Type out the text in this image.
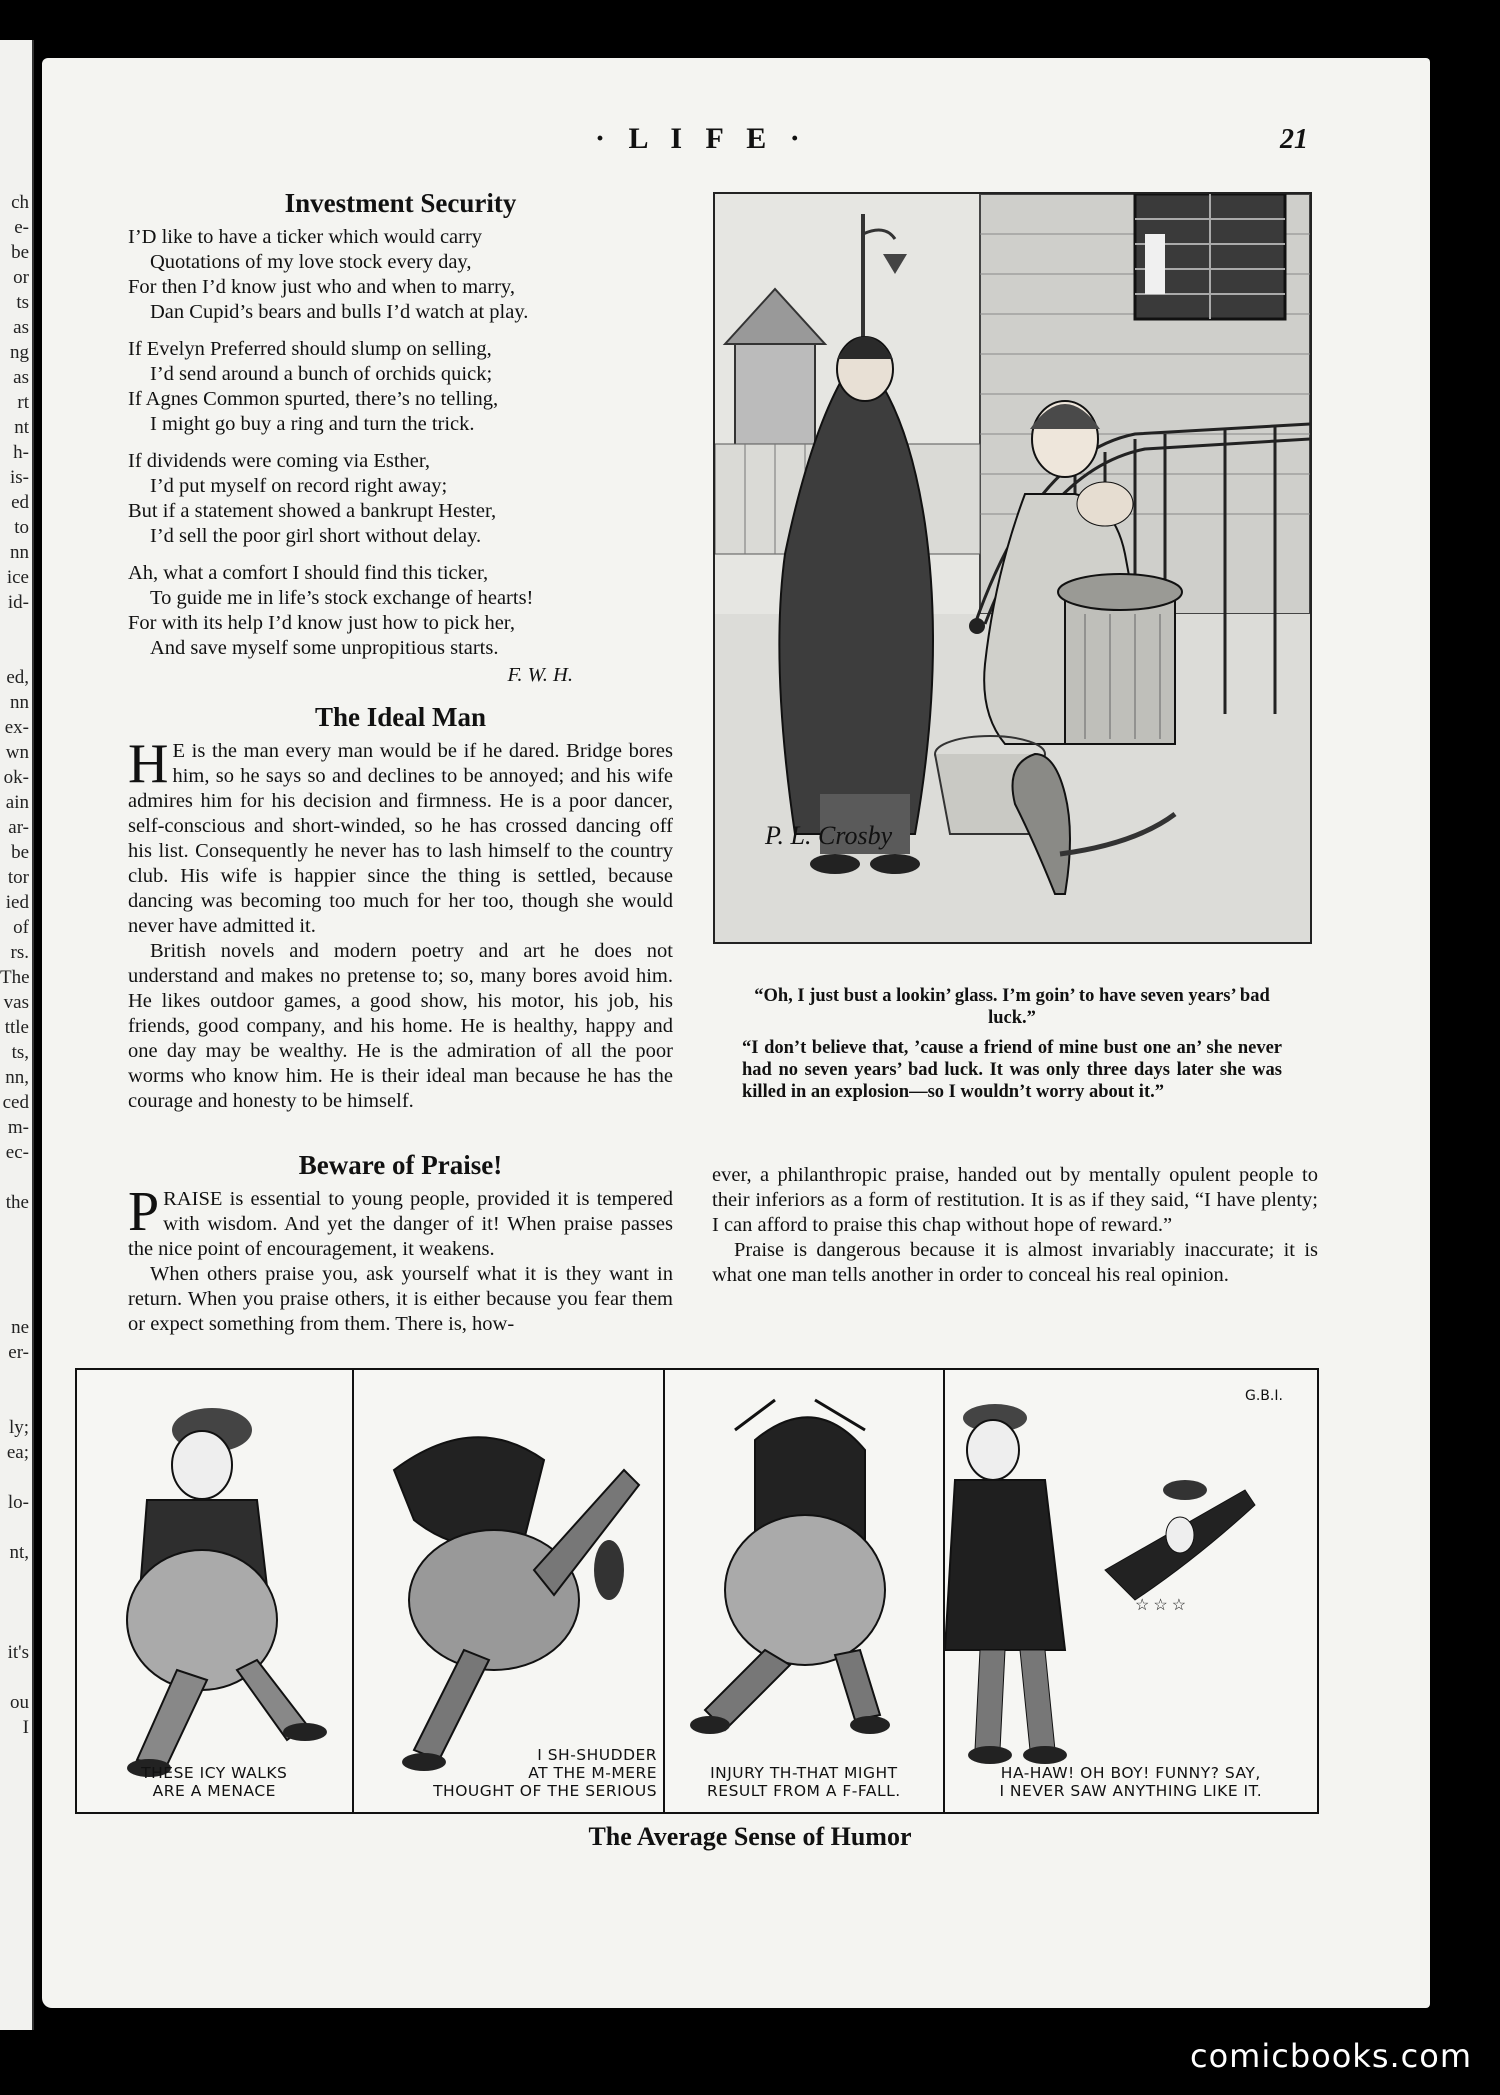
ch
e-
be
or
ts
as
ng
as
rt
nt
h-
is-
ed
to
nn
ice
id-

ed,
nn
ex-
wn
ok-
ain
ar-
be
tor
ied
of
rs.
The
vas
ttle
ts,
nn,
ced
m-
ec-

the

ne
er-

ly;
ea;

lo-

nt,

it's

ou
I
· L I F E ·	21
Investment Security
I’D like to have a ticker which would carry
Quotations of my love stock every day,
For then I’d know just who and when to marry,
Dan Cupid’s bears and bulls I’d watch at play.
If Evelyn Preferred should slump on selling,
I’d send around a bunch of orchids quick;
If Agnes Common spurted, there’s no telling,
I might go buy a ring and turn the trick.
If dividends were coming via Esther,
I’d put myself on record right away;
But if a statement showed a bankrupt Hester,
I’d sell the poor girl short without delay.
Ah, what a comfort I should find this ticker,
To guide me in life’s stock exchange of hearts!
For with its help I’d know just how to pick her,
And save myself some unpropitious starts.
F. W. H.
The Ideal Man

H E is the man every man would be if he dared. Bridge bores him, so he says so and declines to be annoyed; and his wife admires him for his decision and firmness. He is a poor dancer, self-conscious and short-winded, so he has crossed dancing off his list. Consequently he never has to lash himself to the country club. His wife is happier since the thing is settled, because dancing was becoming too much for her too, though she would never have admitted it.

British novels and modern poetry and art he does not understand and makes no pretense to; so, many bores avoid him. He likes outdoor games, a good show, his motor, his job, his friends, good company, and his home. He is healthy, happy and one day may be wealthy. He is the admiration of all the poor worms who know him. He is their ideal man because he has the courage and honesty to be himself.

P. L. Crosby

“Oh, I just bust a lookin’ glass. I’m goin’ to have seven years’ bad luck.”

“I don’t believe that, ’cause a friend of mine bust one an’ she never had no seven years’ bad luck. It was only three days later she was killed in an explosion—so I wouldn’t worry about it.”

Beware of Praise!

PRAISE is essential to young people, provided it is tempered with wisdom. And yet the danger of it! When praise passes the nice point of encouragement, it weakens.

When others praise you, ask yourself what it is they want in return. When you praise others, it is either because you fear them or expect something from them. There is, how-

ever, a philanthropic praise, handed out by mentally opulent people to their inferiors as a form of restitution. It is as if they said, “I have plenty; I can afford to praise this chap without hope of reward.”

Praise is dangerous because it is almost invariably inaccurate; it is what one man tells another in order to conceal his real opinion.

THESE ICY WALKS
ARE A MENACE
I SH-SHUDDER
AT THE M-MERE
THOUGHT OF THE SERIOUS
INJURY TH-THAT MIGHT
RESULT FROM A F-FALL.
G.B.I.
☆ ☆ ☆
HA-HAW! OH BOY! FUNNY? SAY,
I NEVER SAW ANYTHING LIKE IT.
The Average Sense of Humor
comicbooks.com
